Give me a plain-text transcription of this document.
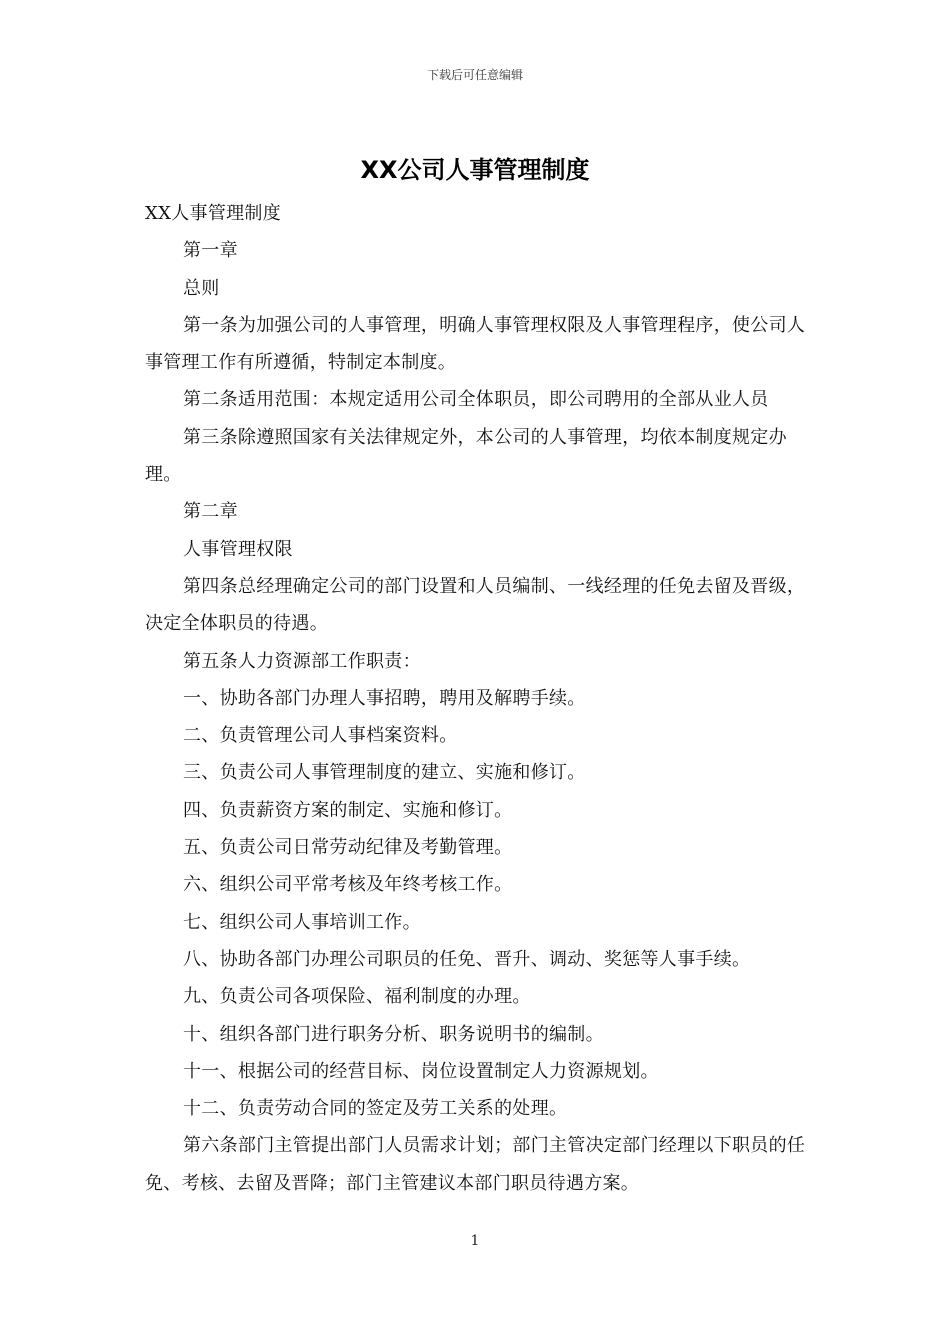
下载后可任意编辑
XX公司人事管理制度

XX人事管理制度

第一章

总则

第一条为加强公司的人事管理，明确人事管理权限及人事管理程序，使公司人事管理工作有所遵循，特制定本制度。

第二条适用范围：本规定适用公司全体职员，即公司聘用的全部从业人员

第三条除遵照国家有关法律规定外，本公司的人事管理，均依本制度规定办理。

第二章

人事管理权限

第四条总经理确定公司的部门设置和人员编制、一线经理的任免去留及晋级，决定全体职员的待遇。

第五条人力资源部工作职责：

一、协助各部门办理人事招聘，聘用及解聘手续。

二、负责管理公司人事档案资料。

三、负责公司人事管理制度的建立、实施和修订。

四、负责薪资方案的制定、实施和修订。

五、负责公司日常劳动纪律及考勤管理。

六、组织公司平常考核及年终考核工作。

七、组织公司人事培训工作。

八、协助各部门办理公司职员的任免、晋升、调动、奖惩等人事手续。

九、负责公司各项保险、福利制度的办理。

十、组织各部门进行职务分析、职务说明书的编制。

十一、根据公司的经营目标、岗位设置制定人力资源规划。

十二、负责劳动合同的签定及劳工关系的处理。

第六条部门主管提出部门人员需求计划；部门主管决定部门经理以下职员的任免、考核、去留及晋降；部门主管建议本部门职员待遇方案。

1
